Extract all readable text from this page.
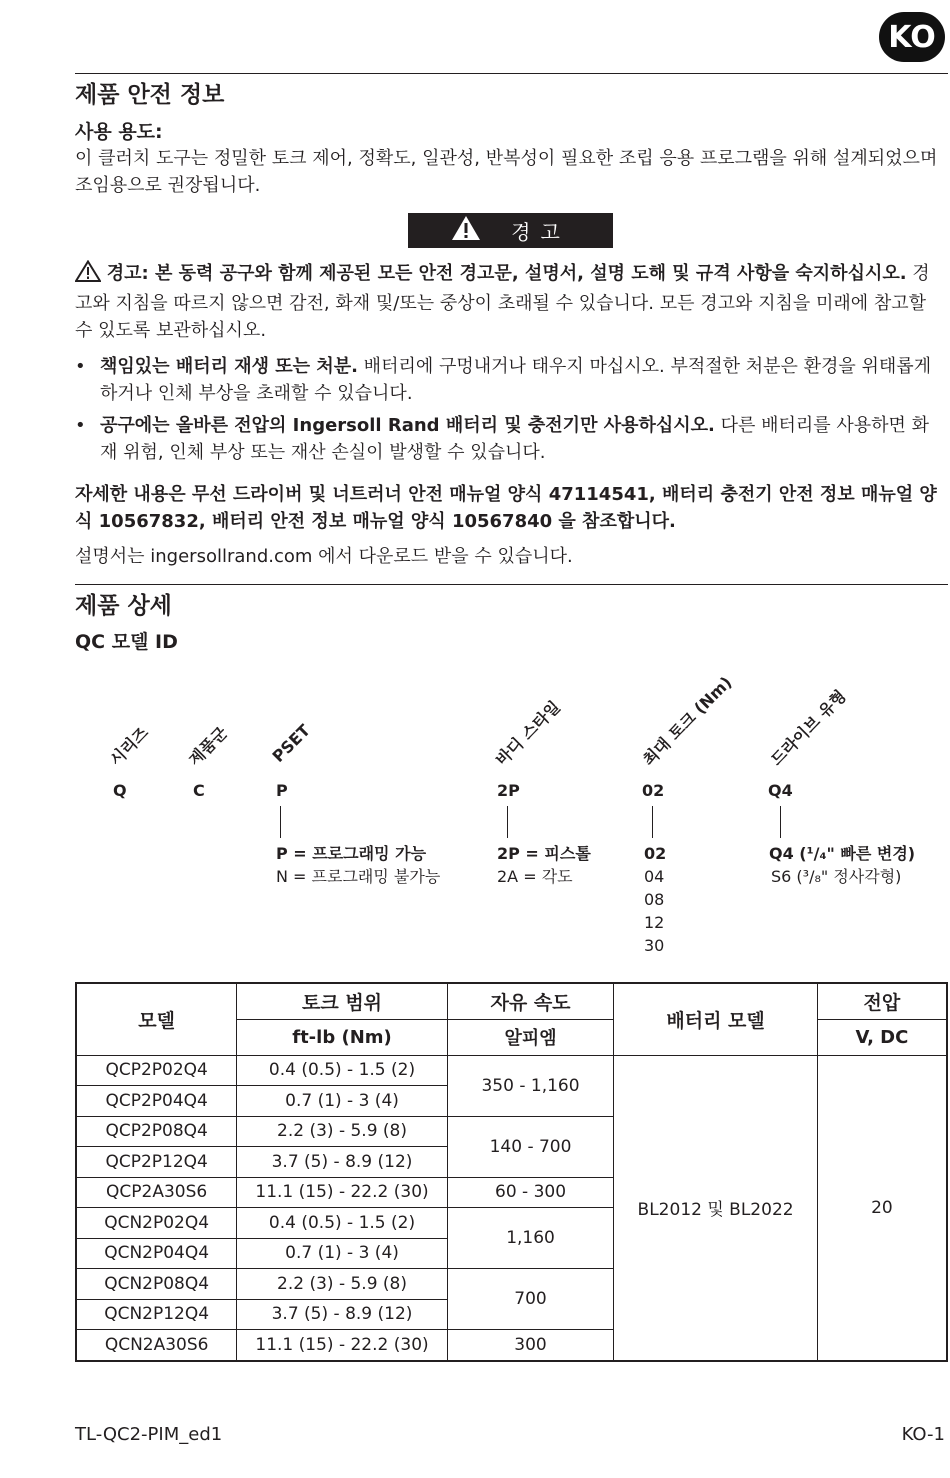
KO
제품 안전 정보
사용 용도:
이 클러치 도구는 정밀한 토크 제어, 정확도, 일관성, 반복성이 필요한 조립 응용 프로그램을 위해 설계되었으며 조임용으로 권장됩니다.
경고
경고: 본 동력 공구와 함께 제공된 모든 안전 경고문, 설명서, 설명 도해 및 규격 사항을 숙지하십시오. 경고와 지침을 따르지 않으면 감전, 화재 및/또는 중상이 초래될 수 있습니다. 모든 경고와 지침을 미래에 참고할 수 있도록 보관하십시오.
• 책임있는 배터리 재생 또는 처분. 배터리에 구멍내거나 태우지 마십시오. 부적절한 처분은 환경을 위태롭게 하거나 인체 부상을 초래할 수 있습니다.
• 공구에는 올바른 전압의 Ingersoll Rand 배터리 및 충전기만 사용하십시오. 다른 배터리를 사용하면 화재 위험, 인체 부상 또는 재산 손실이 발생할 수 있습니다.
자세한 내용은 무선 드라이버 및 너트러너 안전 매뉴얼 양식 47114541, 배터리 충전기 안전 정보 매뉴얼 양식 10567832, 배터리 안전 정보 매뉴얼 양식 10567840 을 참조합니다.
설명서는 ingersollrand.com 에서 다운로드 받을 수 있습니다.
제품 상세
QC 모델 ID
시리즈 제품군 PSET	바디 스타일	최대 토크 (Nm) 드라이브 유형
Q	C	P	2P	02	Q4
P = 프로그래밍 가능
N = 프로그래밍 불가능
2P = 피스톨
2A = 각도
02
04
08
12
30
Q4 (¹/₄" 빠른 변경)
S6 (³/₈" 정사각형)
모델	토크 범위	자유 속도	배터리 모델	전압
	ft-lb (Nm)	알피엠		V, DC
QCP2P02Q4	0.4 (0.5) - 1.5 (2)	350 - 1,160	BL2012 및 BL2022	20
QCP2P04Q4	0.7 (1) - 3 (4)			
QCP2P08Q4	2.2 (3) - 5.9 (8)	140 - 700		
QCP2P12Q4	3.7 (5) - 8.9 (12)			
QCP2A30S6	11.1 (15) - 22.2 (30)	60 - 300		
QCN2P02Q4	0.4 (0.5) - 1.5 (2)	1,160		
QCN2P04Q4	0.7 (1) - 3 (4)			
QCN2P08Q4	2.2 (3) - 5.9 (8)	700		
QCN2P12Q4	3.7 (5) - 8.9 (12)			
QCN2A30S6	11.1 (15) - 22.2 (30)	300		
TL-QC2-PIM_ed1	KO-1
